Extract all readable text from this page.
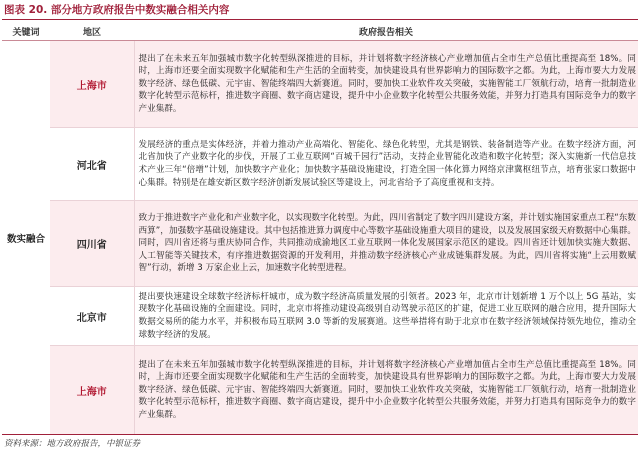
图表 20. 部分地方政府报告中数实融合相关内容
关键词	地区	政府报告相关
数实融合	上海市	提出了在未来五年加强城市数字化转型纵深推进的目标，并计划将数字经济核心产业增加值占全市生产总值比重提高至 18%。同时，上海市还要全面实现数字化赋能和生产生活的全面转变，加快建设具有世界影响力的国际数字之都。为此，上海市要大力发展数字经济、绿色低碳、元宇宙、智能终端四大新赛道。同时，要加快工业软件攻关突破，实施智能工厂领航行动，培育一批制造业数字化转型示范标杆，推进数字商圈、数字商店建设，提升中小企业数字化转型公共服务效能，并努力打造具有国际竞争力的数字产业集群。
	河北省	发展经济的重点是实体经济，并着力推动产业高端化、智能化、绿色化转型，尤其是钢铁、装备制造等产业。在数字经济方面，河北省加快了产业数字化的步伐，开展了工业互联网“百城千园行”活动，支持企业智能化改造和数字化转型；深入实施新一代信息技术产业三年“倍增”计划，加快数字产业化；加快数字基础设施建设，打造全国一体化算力网络京津冀枢纽节点，培育张家口数据中心集群。特别是在雄安新区数字经济创新发展试验区等建设上，河北省给予了高度重视和支持。
	四川省	致力于推进数字产业化和产业数字化，以实现数字化转型。为此，四川省制定了数字四川建设方案，并计划实施国家重点工程“东数西算”，加强数字基础设施建设。其中包括推进算力调度中心等数字基础设施重大项目的建设，以及发展国家级天府数据中心集群。同时，四川省还将与重庆协同合作，共同推动成渝地区工业互联网一体化发展国家示范区的建设。四川省还计划加快实施大数据、人工智能等关键技术，有序推进数据资源的开发利用，并推动数字经济核心产业成链集群发展。为此，四川省将实施“上云用数赋智”行动，新增 3 万家企业上云，加速数字化转型进程。
	北京市	提出要快速建设全球数字经济标杆城市，成为数字经济高质量发展的引领者。2023 年，北京市计划新增 1 万个以上 5G 基站，实现数字化基础设施的全面建设。同时，北京市将推动建设高级别自动驾驶示范区的扩建，促进工业互联网的融合应用，提升国际大数据交易所的能力水平，并积极布局互联网 3.0 等新的发展赛道。这些举措将有助于北京市在数字经济领域保持领先地位，推动全球数字经济的发展。
	上海市	提出了在未来五年加强城市数字化转型纵深推进的目标，并计划将数字经济核心产业增加值占全市生产总值比重提高至 18%。同时，上海市还要全面实现数字化赋能和生产生活的全面转变，加快建设具有世界影响力的国际数字之都。为此，上海市要大力发展数字经济、绿色低碳、元宇宙、智能终端四大新赛道。同时，要加快工业软件攻关突破，实施智能工厂领航行动，培育一批制造业数字化转型示范标杆，推进数字商圈、数字商店建设，提升中小企业数字化转型公共服务效能，并努力打造具有国际竞争力的数字产业集群。
资料来源：地方政府报告，中银证券
